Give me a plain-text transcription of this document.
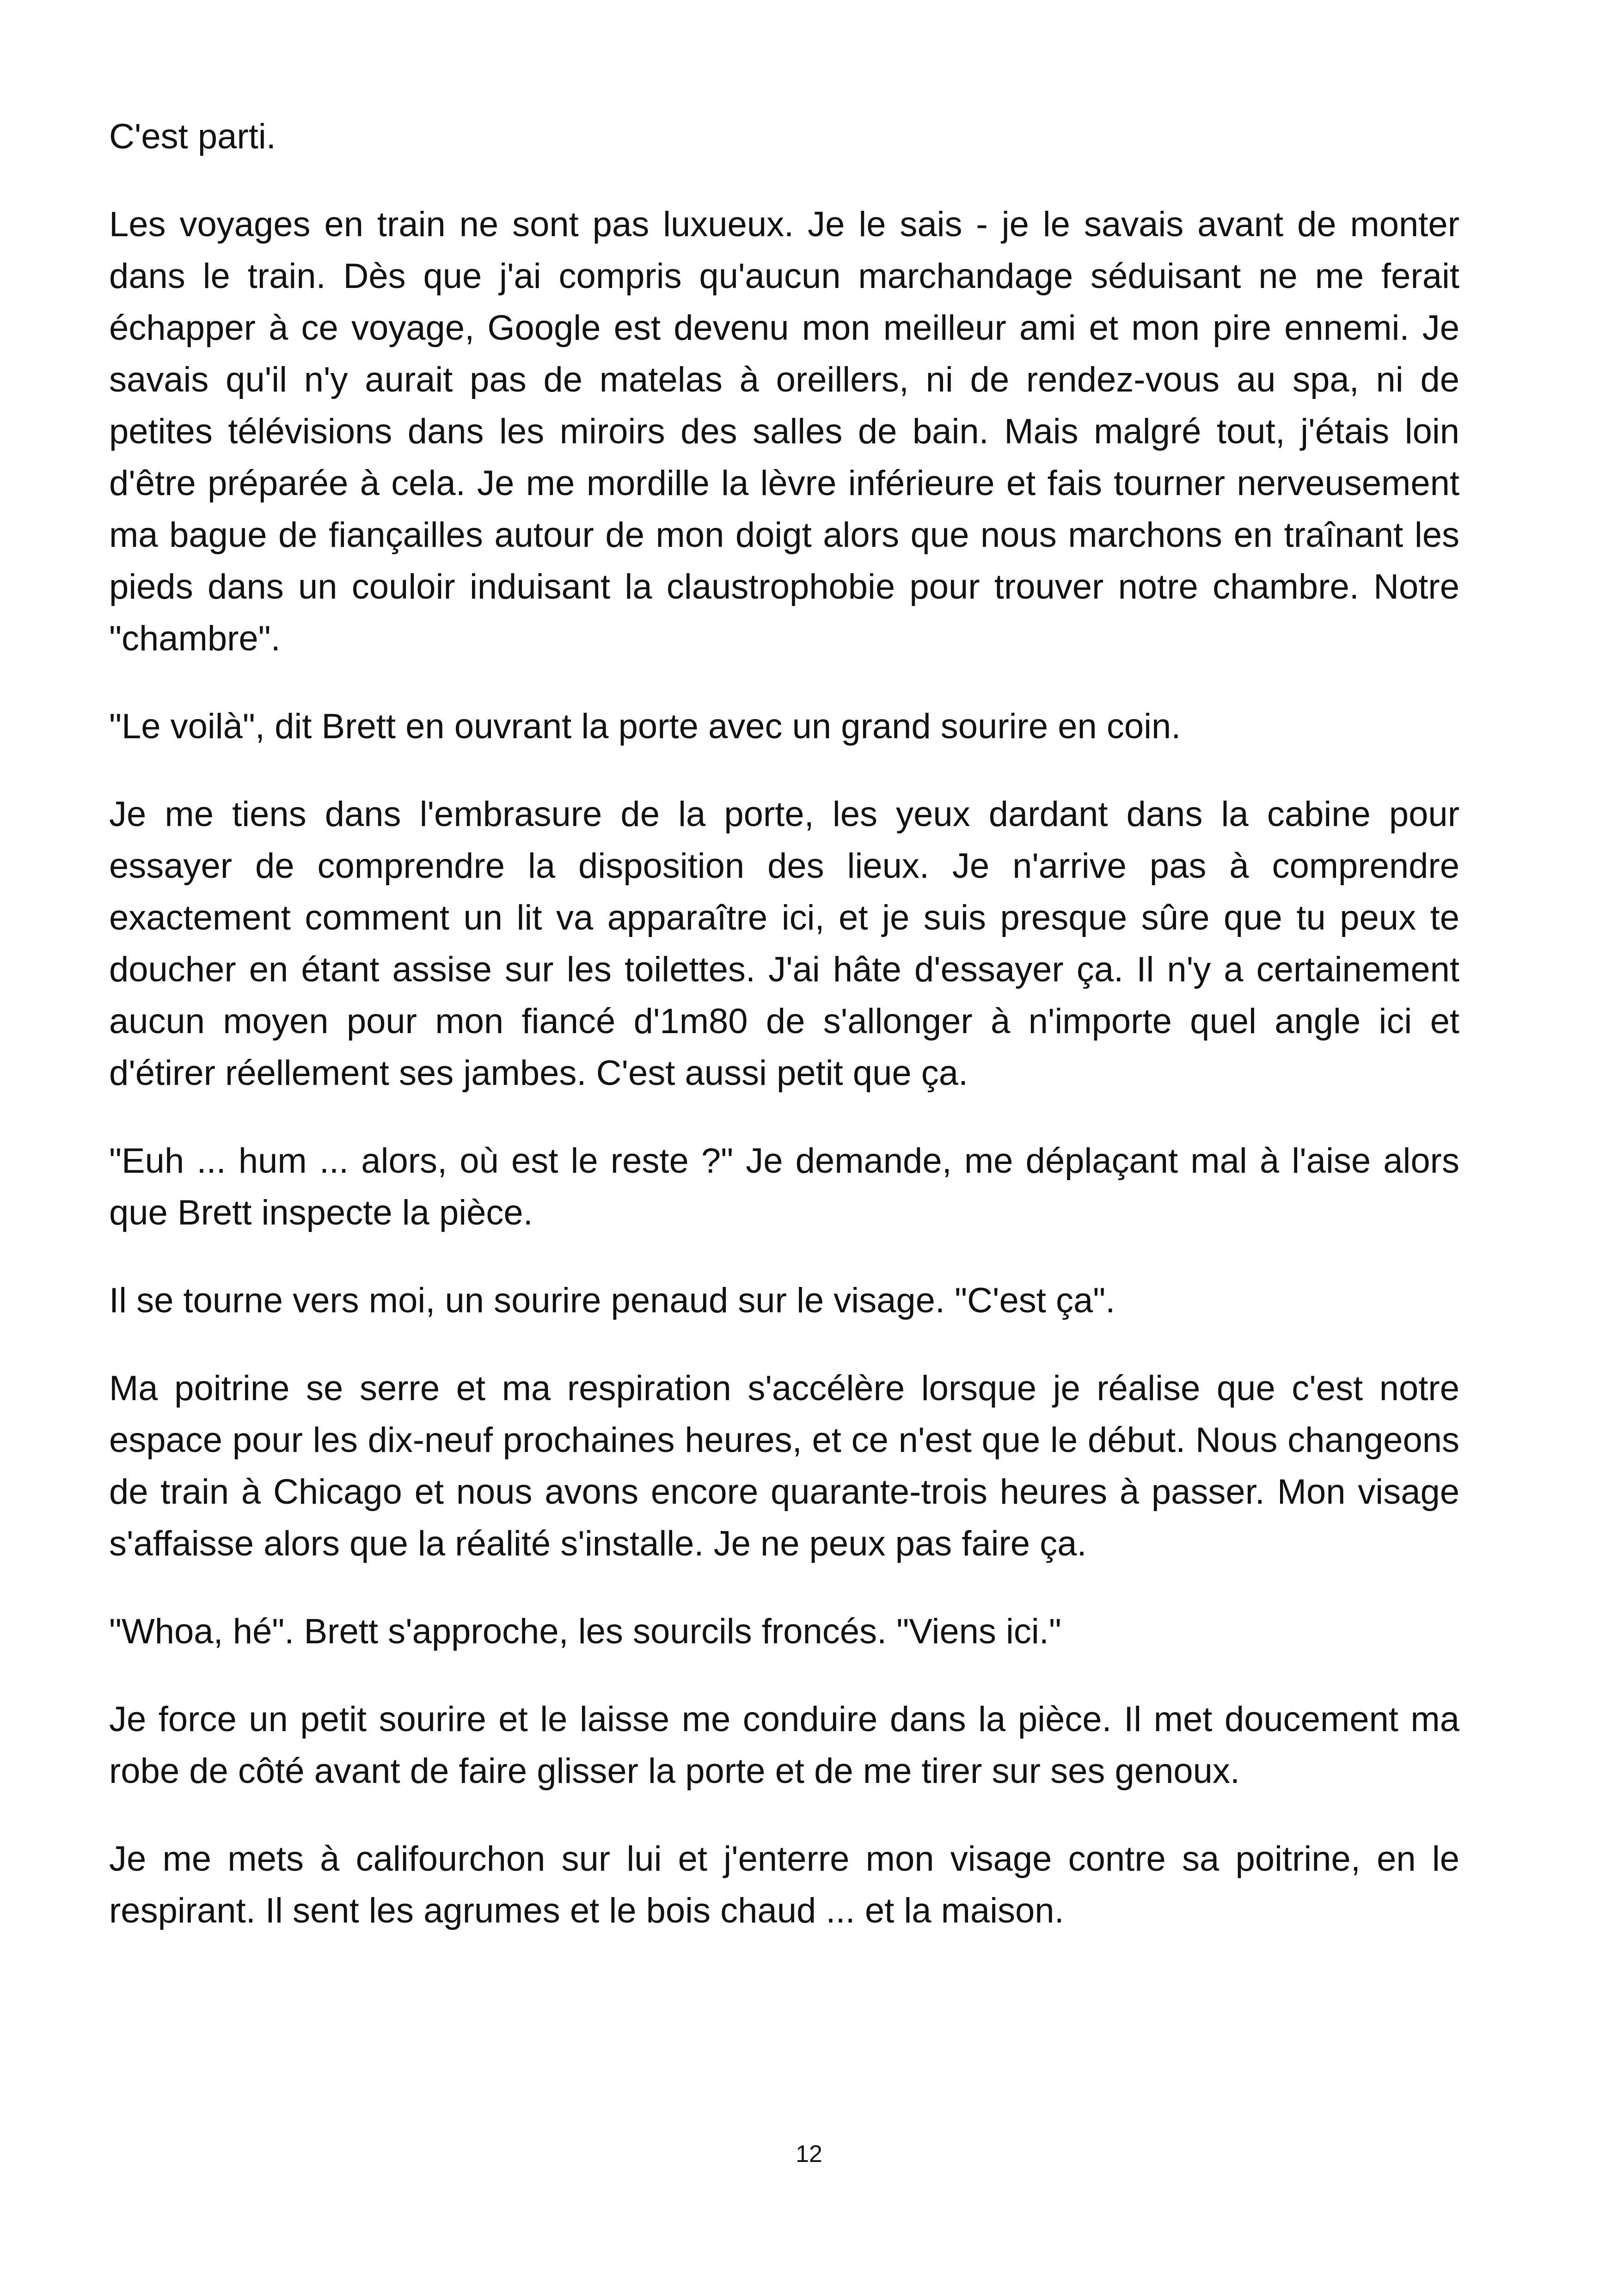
C'est parti.

Les voyages en train ne sont pas luxueux. Je le sais - je le savais avant de monter dans le train. Dès que j'ai compris qu'aucun marchandage séduisant ne me ferait échapper à ce voyage, Google est devenu mon meilleur ami et mon pire ennemi. Je savais qu'il n'y aurait pas de matelas à oreillers, ni de rendez-vous au spa, ni de petites télévisions dans les miroirs des salles de bain. Mais malgré tout, j'étais loin d'être préparée à cela. Je me mordille la lèvre inférieure et fais tourner nerveusement ma bague de fiançailles autour de mon doigt alors que nous marchons en traînant les pieds dans un couloir induisant la claustrophobie pour trouver notre chambre. Notre "chambre".

"Le voilà", dit Brett en ouvrant la porte avec un grand sourire en coin.

Je me tiens dans l'embrasure de la porte, les yeux dardant dans la cabine pour essayer de comprendre la disposition des lieux. Je n'arrive pas à comprendre exactement comment un lit va apparaître ici, et je suis presque sûre que tu peux te doucher en étant assise sur les toilettes. J'ai hâte d'essayer ça. Il n'y a certainement aucun moyen pour mon fiancé d'1m80 de s'allonger à n'importe quel angle ici et d'étirer réellement ses jambes. C'est aussi petit que ça.

"Euh ... hum ... alors, où est le reste ?" Je demande, me déplaçant mal à l'aise alors que Brett inspecte la pièce.

Il se tourne vers moi, un sourire penaud sur le visage. "C'est ça".

Ma poitrine se serre et ma respiration s'accélère lorsque je réalise que c'est notre espace pour les dix-neuf prochaines heures, et ce n'est que le début. Nous changeons de train à Chicago et nous avons encore quarante-trois heures à passer. Mon visage s'affaisse alors que la réalité s'installe. Je ne peux pas faire ça.

"Whoa, hé". Brett s'approche, les sourcils froncés. "Viens ici."

Je force un petit sourire et le laisse me conduire dans la pièce. Il met doucement ma robe de côté avant de faire glisser la porte et de me tirer sur ses genoux.

Je me mets à califourchon sur lui et j'enterre mon visage contre sa poitrine, en le respirant. Il sent les agrumes et le bois chaud ... et la maison.

12
